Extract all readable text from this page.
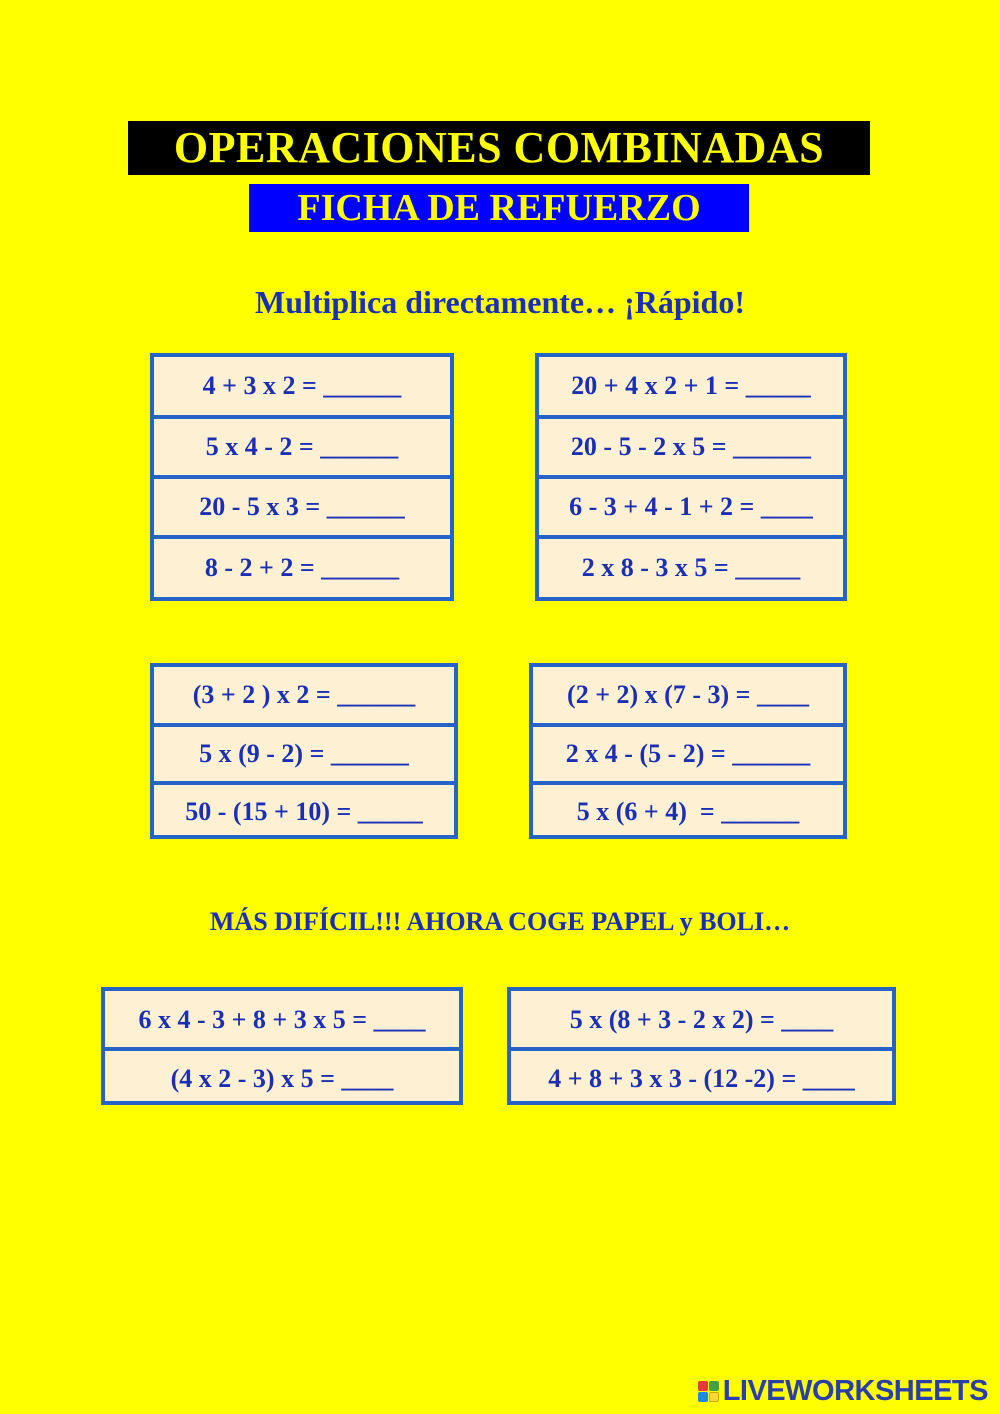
OPERACIONES COMBINADAS
FICHA DE REFUERZO
Multiplica directamente… ¡Rápido!
4 + 3 x 2 = ______
5 x 4 - 2 = ______
20 - 5 x 3 = ______
8 - 2 + 2 = ______
20 + 4 x 2 + 1 = _____
20 - 5 - 2 x 5 = ______
6 - 3 + 4 - 1 + 2 = ____
2 x 8 - 3 x 5 = _____
(3 + 2 ) x 2 = ______
5 x (9 - 2) = ______
50 - (15 + 10) = _____
(2 + 2) x (7 - 3) = ____
2 x 4 - (5 - 2) = ______
5 x (6 + 4)  = ______
MÁS DIFÍCIL!!! AHORA COGE PAPEL y BOLI…
6 x 4 - 3 + 8 + 3 x 5 = ____
(4 x 2 - 3) x 5 = ____
5 x (8 + 3 - 2 x 2) = ____
4 + 8 + 3 x 3 - (12 -2) = ____
LIVEWORKSHEETS
